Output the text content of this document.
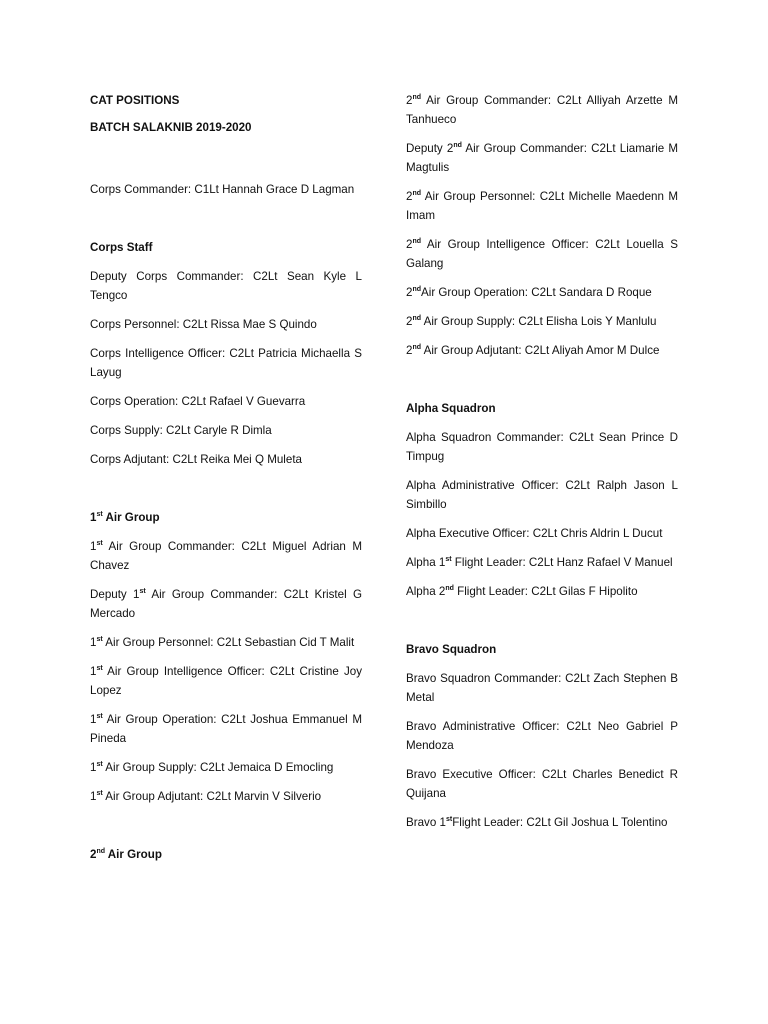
CAT POSITIONS

BATCH SALAKNIB 2019-2020

Corps Commander: C1Lt Hannah Grace D Lagman

Corps Staff

Deputy Corps Commander: C2Lt Sean Kyle L Tengco

Corps Personnel: C2Lt Rissa Mae S Quindo

Corps Intelligence Officer: C2Lt Patricia Michaella S Layug

Corps Operation: C2Lt Rafael V Guevarra

Corps Supply: C2Lt Caryle R Dimla

Corps Adjutant: C2Lt Reika Mei Q Muleta

1st Air Group

1st Air Group Commander: C2Lt Miguel Adrian M Chavez

Deputy 1st Air Group Commander: C2Lt Kristel G Mercado

1st Air Group Personnel: C2Lt Sebastian Cid T Malit

1st Air Group Intelligence Officer: C2Lt Cristine Joy Lopez

1st Air Group Operation: C2Lt Joshua Emmanuel M Pineda

1st Air Group Supply: C2Lt Jemaica D Emocling

1st Air Group Adjutant: C2Lt Marvin V Silverio

2nd Air Group

2nd Air Group Commander: C2Lt Alliyah Arzette M Tanhueco

Deputy 2nd Air Group Commander: C2Lt Liamarie M Magtulis

2nd Air Group Personnel: C2Lt Michelle Maedenn M Imam

2nd Air Group Intelligence Officer: C2Lt Louella S Galang

2ndAir Group Operation: C2Lt Sandara D Roque

2nd Air Group Supply: C2Lt Elisha Lois Y Manlulu

2nd Air Group Adjutant: C2Lt Aliyah Amor M Dulce

Alpha Squadron

Alpha Squadron Commander: C2Lt Sean Prince D Timpug

Alpha Administrative Officer: C2Lt Ralph Jason L Simbillo

Alpha Executive Officer: C2Lt Chris Aldrin L Ducut

Alpha 1st Flight Leader: C2Lt Hanz Rafael V Manuel

Alpha 2nd Flight Leader: C2Lt Gilas F Hipolito

Bravo Squadron

Bravo Squadron Commander: C2Lt Zach Stephen B Metal

Bravo Administrative Officer: C2Lt Neo Gabriel P Mendoza

Bravo Executive Officer: C2Lt Charles Benedict R Quijana

Bravo 1stFlight Leader: C2Lt Gil Joshua L Tolentino
